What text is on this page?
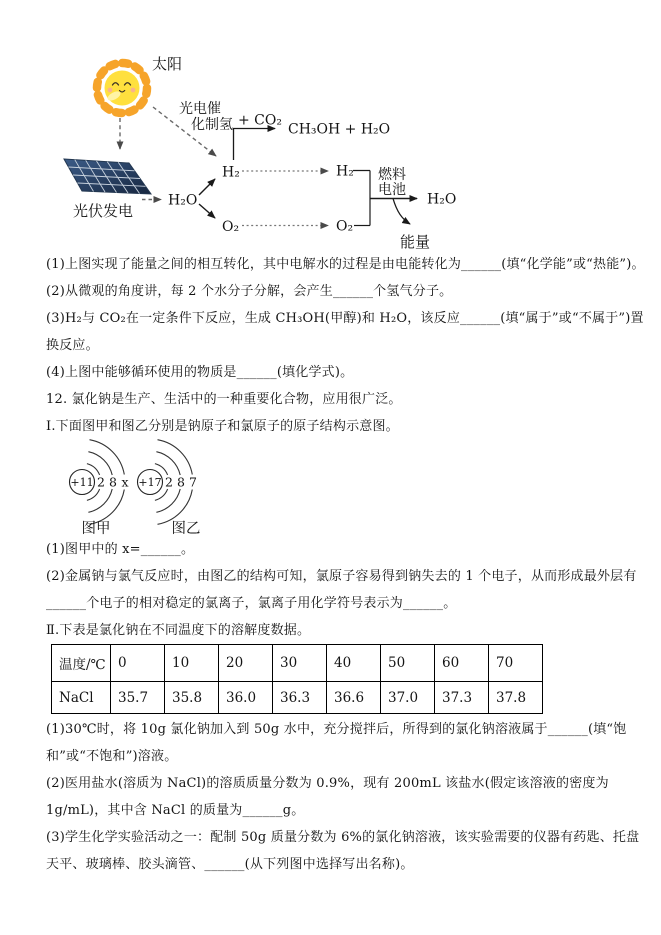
太阳
光电催
化制氢
光伏发电
H₂O
H₂
O₂
+ CO₂
CH₃OH + H₂O
H₂
O₂
燃料
电池
H₂O
能量

(1)上图实现了能量之间的相互转化，其中电解水的过程是由电能转化为______(填“化学能”或“热能”)。

(2)从微观的角度讲，每 2 个水分子分解，会产生______个氢气分子。

(3)H₂与 CO₂在一定条件下反应，生成 CH₃OH(甲醇)和 H₂O，该反应______(填“属于”或“不属于”)置换反应。

(4)上图中能够循环使用的物质是______(填化学式)。

12. 氯化钠是生产、生活中的一种重要化合物，应用很广泛。

Ⅰ.下面图甲和图乙分别是钠原子和氯原子的原子结构示意图。

+11 2 8 x
图甲
+17 2 8 7
图乙

(1)图甲中的 x=______。

(2)金属钠与氯气反应时，由图乙的结构可知，氯原子容易得到钠失去的 1 个电子，从而形成最外层有______个电子的相对稳定的氯离子，氯离子用化学符号表示为______。

Ⅱ.下表是氯化钠在不同温度下的溶解度数据。

温度/℃	0	10	20	30	40	50	60	70
NaCl	35.7	35.8	36.0	36.3	36.6	37.0	37.3	37.8

(1)30℃时，将 10g 氯化钠加入到 50g 水中，充分搅拌后，所得到的氯化钠溶液属于______(填“饱和”或“不饱和”)溶液。

(2)医用盐水(溶质为 NaCl)的溶质质量分数为 0.9%，现有 200mL 该盐水(假定该溶液的密度为 1g/mL)，其中含 NaCl 的质量为______g。

(3)学生化学实验活动之一：配制 50g 质量分数为 6%的氯化钠溶液，该实验需要的仪器有药匙、托盘天平、玻璃棒、胶头滴管、______(从下列图中选择写出名称)。
